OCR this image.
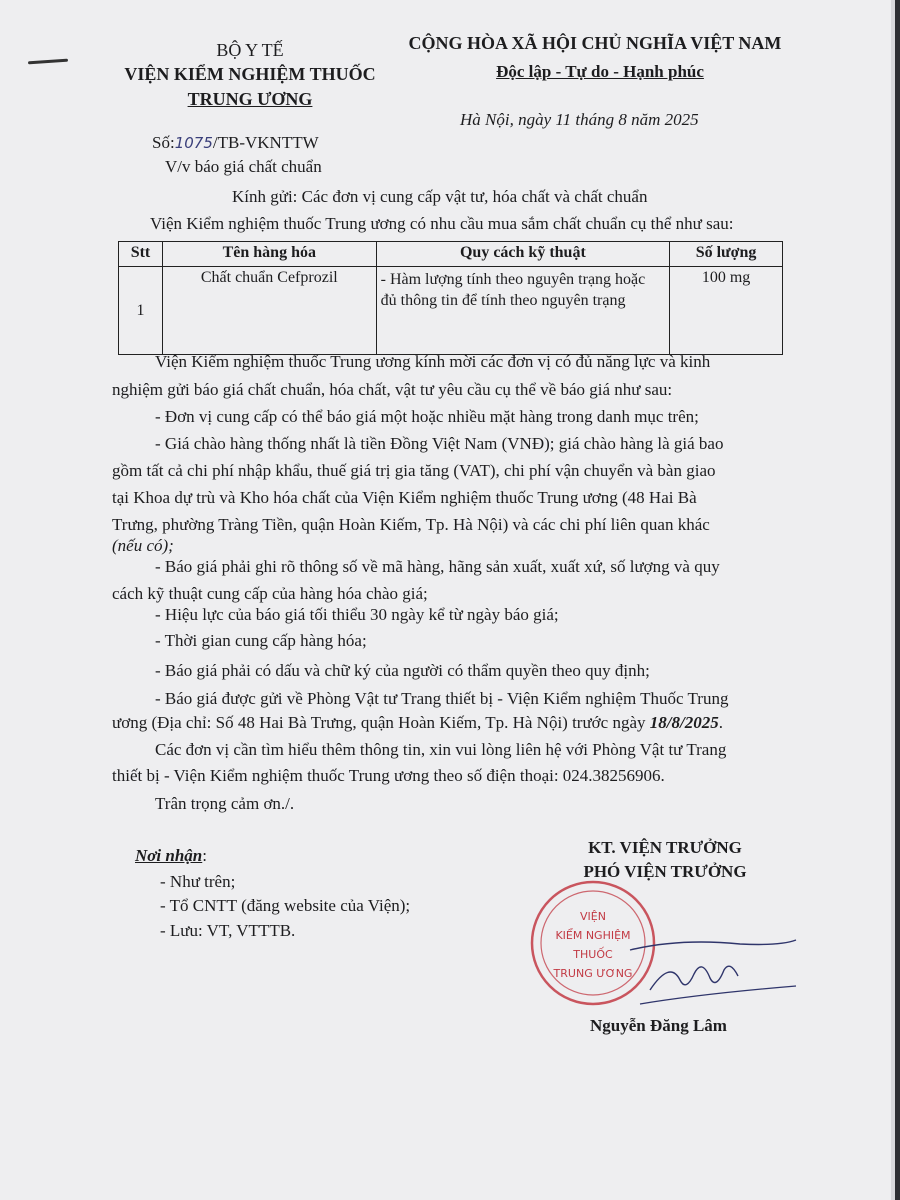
BỘ Y TẾ
VIỆN KIỂM NGHIỆM THUỐC
TRUNG ƯƠNG
CỘNG HÒA XÃ HỘI CHỦ NGHĨA VIỆT NAM
Độc lập - Tự do - Hạnh phúc
Hà Nội, ngày 11 tháng 8 năm 2025
Số:1075/TB-VKNTTW
V/v báo giá chất chuẩn
Kính gửi: Các đơn vị cung cấp vật tư, hóa chất và chất chuẩn
Viện Kiểm nghiệm thuốc Trung ương có nhu cầu mua sắm chất chuẩn cụ thể như sau:
Stt	Tên hàng hóa	Quy cách kỹ thuật	Số lượng
1	Chất chuẩn Cefprozil	- Hàm lượng tính theo nguyên trạng hoặc đủ thông tin để tính theo nguyên trạng	100 mg
Viện Kiểm nghiệm thuốc Trung ương kính mời các đơn vị có đủ năng lực và kinh
nghiệm gửi báo giá chất chuẩn, hóa chất, vật tư yêu cầu cụ thể về báo giá như sau:
- Đơn vị cung cấp có thể báo giá một hoặc nhiều mặt hàng trong danh mục trên;
- Giá chào hàng thống nhất là tiền Đồng Việt Nam (VNĐ); giá chào hàng là giá bao
gồm tất cả chi phí nhập khẩu, thuế giá trị gia tăng (VAT), chi phí vận chuyển và bàn giao
tại Khoa dự trù và Kho hóa chất của Viện Kiểm nghiệm thuốc Trung ương (48 Hai Bà
Trưng, phường Tràng Tiền, quận Hoàn Kiếm, Tp. Hà Nội) và các chi phí liên quan khác
(nếu có);
- Báo giá phải ghi rõ thông số về mã hàng, hãng sản xuất, xuất xứ, số lượng và quy
cách kỹ thuật cung cấp của hàng hóa chào giá;
- Hiệu lực của báo giá tối thiểu 30 ngày kể từ ngày báo giá;
- Thời gian cung cấp hàng hóa;
- Báo giá phải có dấu và chữ ký của người có thẩm quyền theo quy định;
- Báo giá được gửi về Phòng Vật tư Trang thiết bị - Viện Kiểm nghiệm Thuốc Trung
ương (Địa chỉ: Số 48 Hai Bà Trưng, quận Hoàn Kiếm, Tp. Hà Nội) trước ngày 18/8/2025.
Các đơn vị cần tìm hiểu thêm thông tin, xin vui lòng liên hệ với Phòng Vật tư Trang
thiết bị - Viện Kiểm nghiệm thuốc Trung ương theo số điện thoại: 024.38256906.
Trân trọng cảm ơn./.
Nơi nhận:
- Như trên;
- Tổ CNTT (đăng website của Viện);
- Lưu: VT, VTTTB.
KT. VIỆN TRƯỞNG
PHÓ VIỆN TRƯỞNG
VIỆN
KIỂM NGHIỆM
THUỐC
TRUNG ƯƠNG
Nguyễn Đăng Lâm
